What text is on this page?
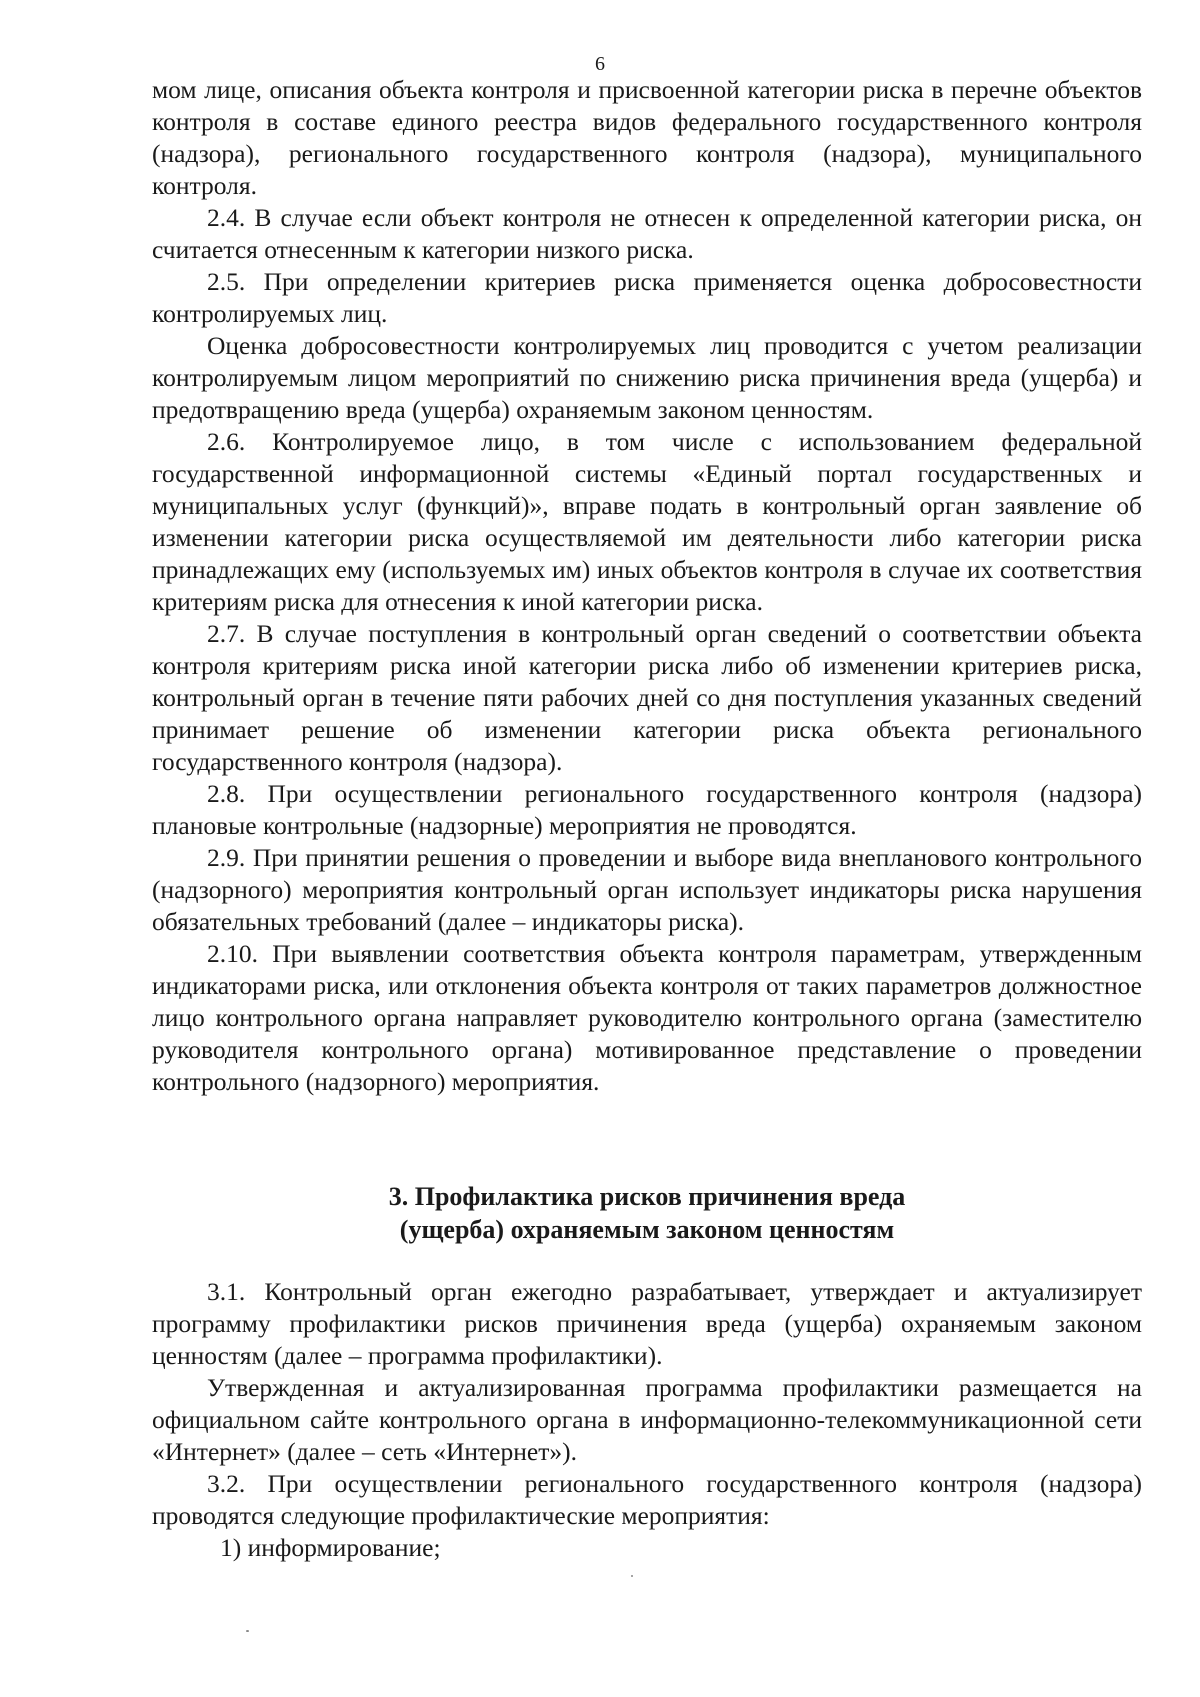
6

мом лице, описания объекта контроля и присвоенной категории риска в перечне объектов контроля в составе единого реестра видов федерального государственного контроля (надзора), регионального государственного контроля (надзора), муниципального контроля.

2.4. В случае если объект контроля не отнесен к определенной категории риска, он считается отнесенным к категории низкого риска.

2.5. При определении критериев риска применяется оценка добросовестности контролируемых лиц.

Оценка добросовестности контролируемых лиц проводится с учетом реализации контролируемым лицом мероприятий по снижению риска причинения вреда (ущерба) и предотвращению вреда (ущерба) охраняемым законом ценностям.

2.6. Контролируемое лицо, в том числе с использованием федеральной государственной информационной системы «Единый портал государственных и муниципальных услуг (функций)», вправе подать в контрольный орган заявление об изменении категории риска осуществляемой им деятельности либо категории риска принадлежащих ему (используемых им) иных объектов контроля в случае их соответствия критериям риска для отнесения к иной категории риска.

2.7. В случае поступления в контрольный орган сведений о соответствии объекта контроля критериям риска иной категории риска либо об изменении критериев риска, контрольный орган в течение пяти рабочих дней со дня поступления указанных сведений принимает решение об изменении категории риска объекта регионального государственного контроля (надзора).

2.8. При осуществлении регионального государственного контроля (надзора) плановые контрольные (надзорные) мероприятия не проводятся.

2.9. При принятии решения о проведении и выборе вида внепланового контрольного (надзорного) мероприятия контрольный орган использует индикаторы риска нарушения обязательных требований (далее – индикаторы риска).

2.10. При выявлении соответствия объекта контроля параметрам, утвержденным индикаторами риска, или отклонения объекта контроля от таких параметров должностное лицо контрольного органа направляет руководителю контрольного органа (заместителю руководителя контрольного органа) мотивированное представление о проведении контрольного (надзорного) мероприятия.

3. Профилактика рисков причинения вреда
(ущерба) охраняемым законом ценностям

3.1. Контрольный орган ежегодно разрабатывает, утверждает и актуализирует программу профилактики рисков причинения вреда (ущерба) охраняемым законом ценностям (далее – программа профилактики).

Утвержденная и актуализированная программа профилактики размещается на официальном сайте контрольного органа в информационно-телекоммуникационной сети «Интернет» (далее – сеть «Интернет»).

3.2. При осуществлении регионального государственного контроля (надзора) проводятся следующие профилактические мероприятия:

1) информирование;
